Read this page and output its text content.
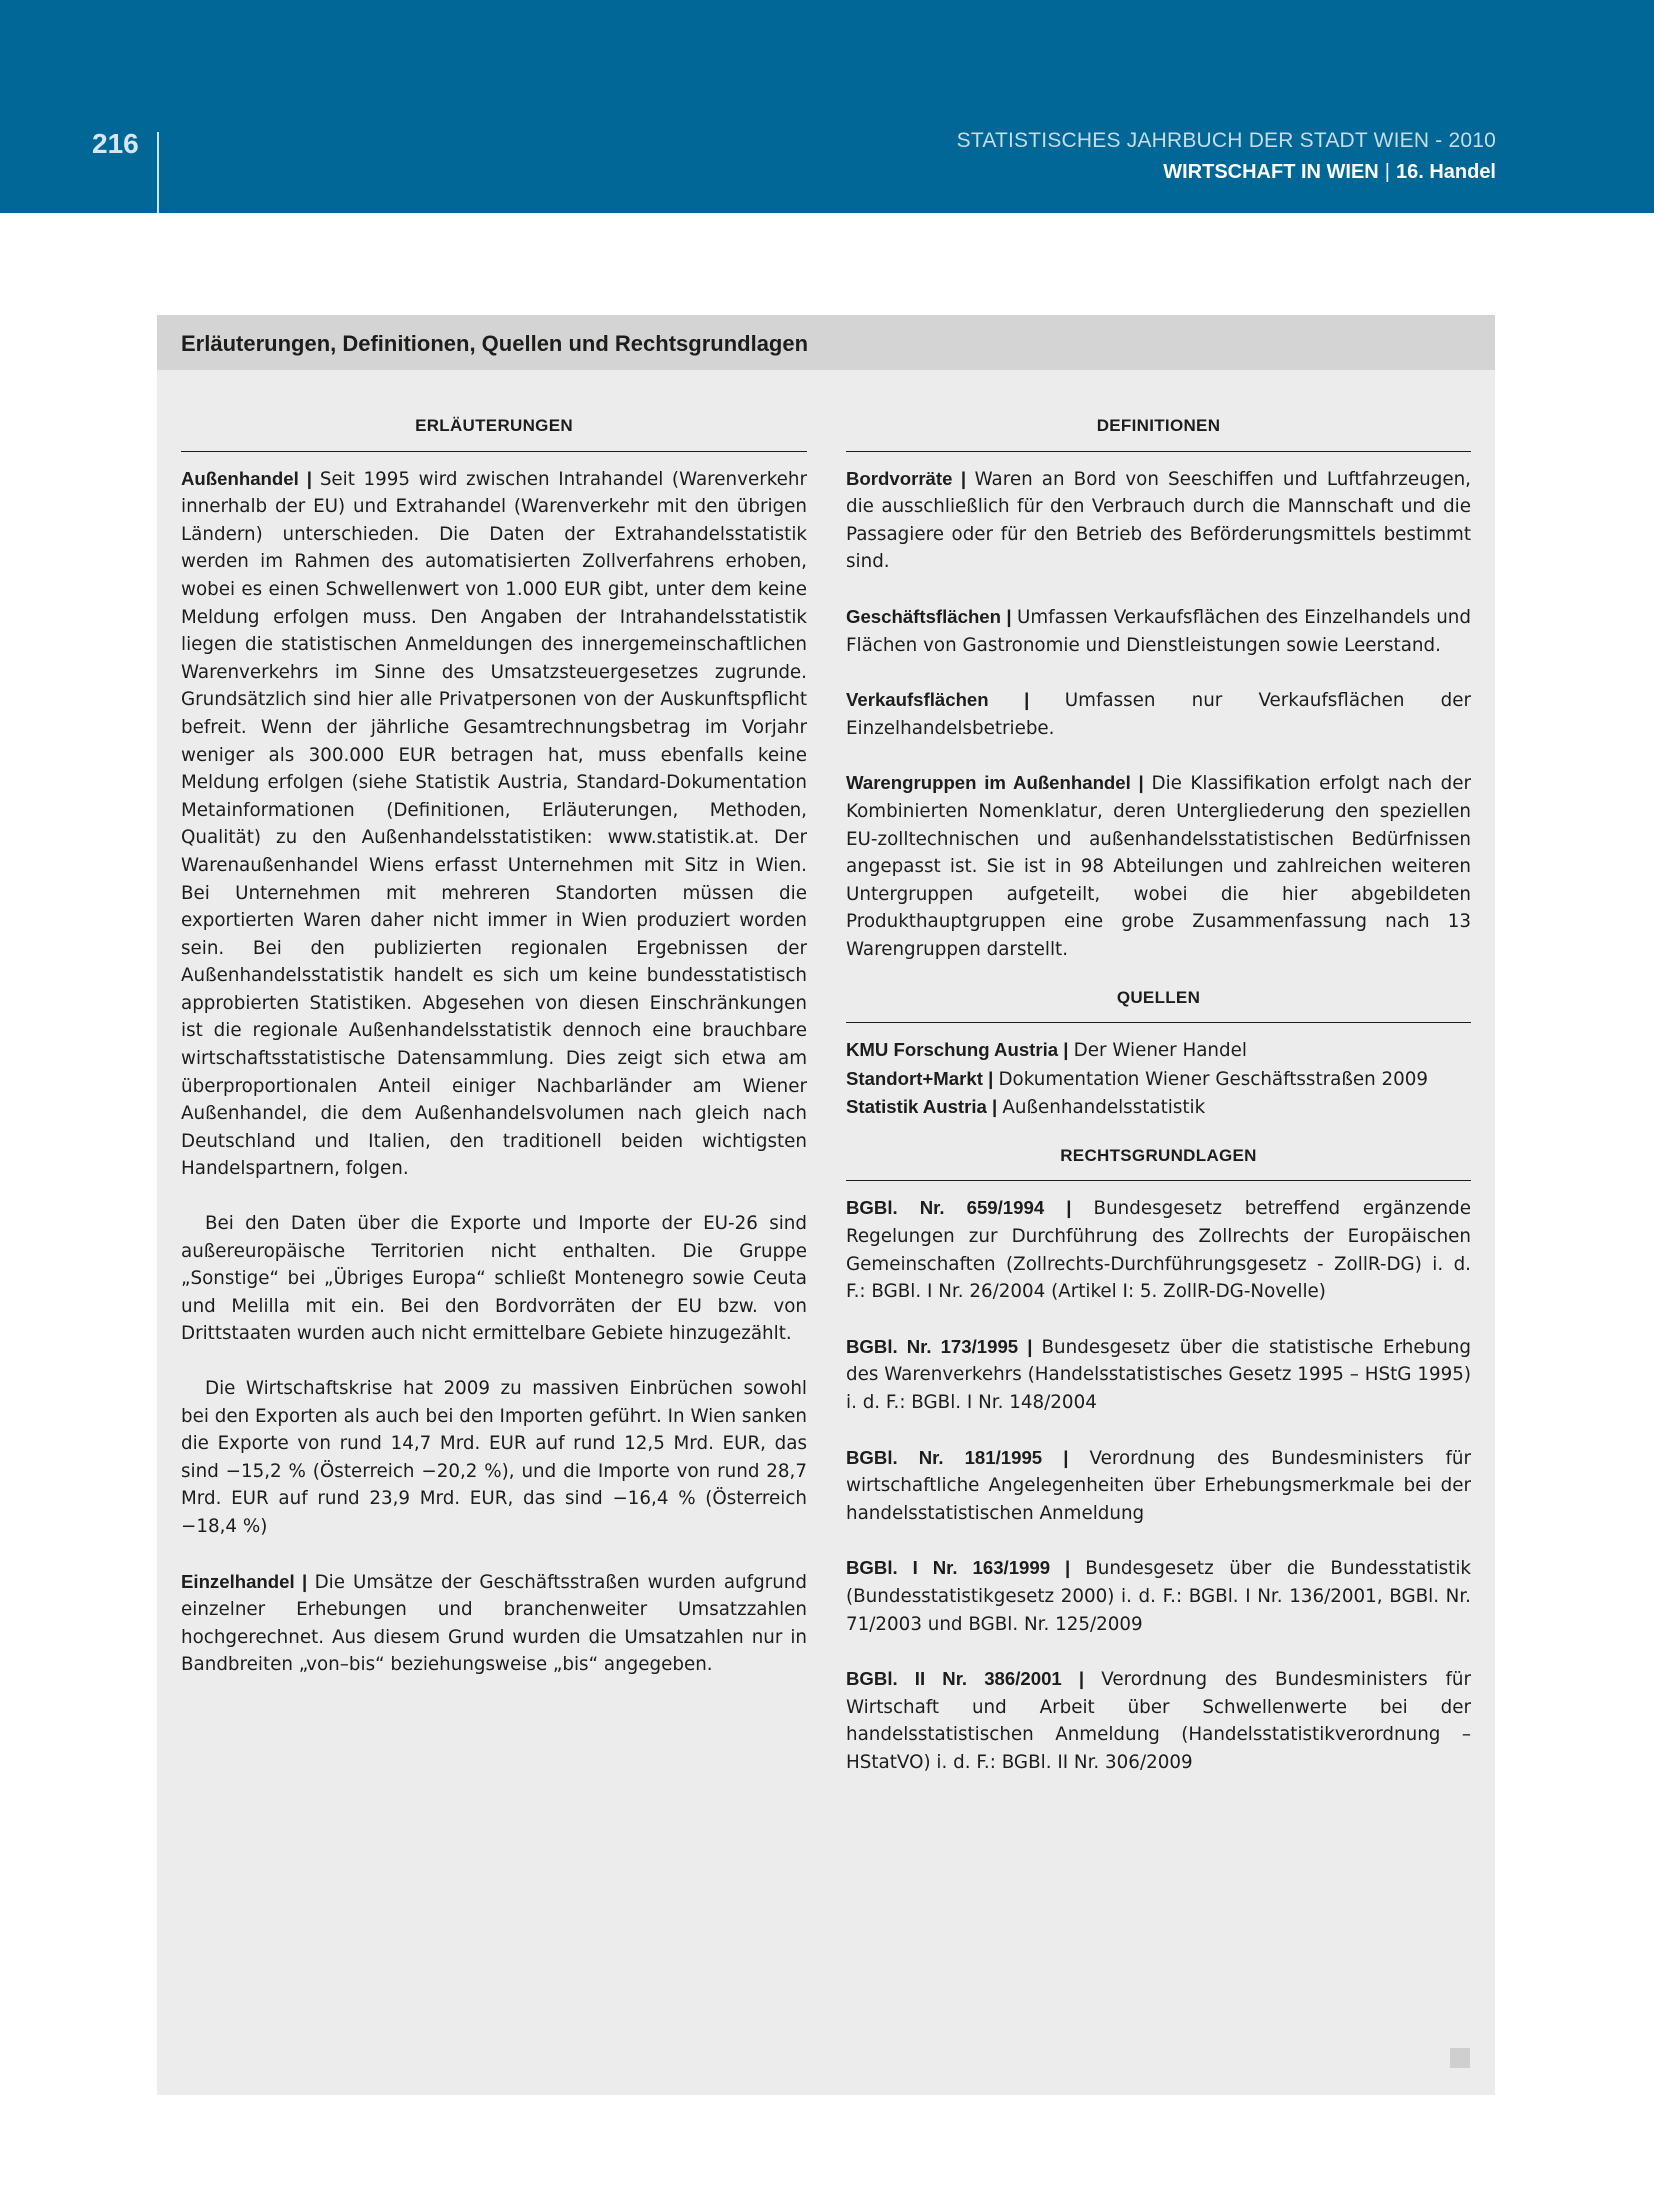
216	STATISTISCHES JAHRBUCH DER STADT WIEN - 2010
WIRTSCHAFT IN WIEN | 16. Handel
Erläuterungen, Definitionen, Quellen und Rechtsgrundlagen
ERLÄUTERUNGEN

Außenhandel | Seit 1995 wird zwischen Intrahandel (Warenverkehr innerhalb der EU) und Extrahandel (Warenverkehr mit den übrigen Ländern) unterschieden. Die Daten der Extrahandelsstatistik werden im Rahmen des automatisierten Zollverfahrens erhoben, wobei es einen Schwellenwert von 1.000 EUR gibt, unter dem keine Meldung erfolgen muss. Den Angaben der Intrahandelsstatistik liegen die statistischen Anmeldungen des innergemeinschaftlichen Warenverkehrs im Sinne des Umsatzsteuergesetzes zugrunde. Grundsätzlich sind hier alle Privatpersonen von der Auskunftspflicht befreit. Wenn der jährliche Gesamtrechnungsbetrag im Vorjahr weniger als 300.000 EUR betragen hat, muss ebenfalls keine Meldung erfolgen (siehe Statistik Austria, Standard-Dokumentation Metainformationen (Definitionen, Erläuterungen, Methoden, Qualität) zu den Außenhandelsstatistiken: www.statistik.at. Der Warenaußenhandel Wiens erfasst Unternehmen mit Sitz in Wien. Bei Unternehmen mit mehreren Standorten müssen die exportierten Waren daher nicht immer in Wien produziert worden sein. Bei den publizierten regionalen Ergebnissen der Außenhandelsstatistik handelt es sich um keine bundesstatistisch approbierten Statistiken. Abgesehen von diesen Einschränkungen ist die regionale Außenhandelsstatistik dennoch eine brauchbare wirtschaftsstatistische Datensammlung. Dies zeigt sich etwa am überproportionalen Anteil einiger Nachbarländer am Wiener Außenhandel, die dem Außenhandelsvolumen nach gleich nach Deutschland und Italien, den traditionell beiden wichtigsten Handelspartnern, folgen.

Bei den Daten über die Exporte und Importe der EU-26 sind außereuropäische Territorien nicht enthalten. Die Gruppe „Sonstige“ bei „Übriges Europa“ schließt Montenegro sowie Ceuta und Melilla mit ein. Bei den Bordvorräten der EU bzw. von Drittstaaten wurden auch nicht ermittelbare Gebiete hinzugezählt.

Die Wirtschaftskrise hat 2009 zu massiven Einbrüchen sowohl bei den Exporten als auch bei den Importen geführt. In Wien sanken die Exporte von rund 14,7 Mrd. EUR auf rund 12,5 Mrd. EUR, das sind −15,2 % (Österreich −20,2 %), und die Importe von rund 28,7 Mrd. EUR auf rund 23,9 Mrd. EUR, das sind −16,4 % (Österreich −18,4 %)

Einzelhandel | Die Umsätze der Geschäftsstraßen wurden aufgrund einzelner Erhebungen und branchenweiter Umsatzzahlen hochgerechnet. Aus diesem Grund wurden die Umsatzahlen nur in Bandbreiten „von–bis“ beziehungsweise „bis“ angegeben.

DEFINITIONEN

Bordvorräte | Waren an Bord von Seeschiffen und Luftfahrzeugen, die ausschließlich für den Verbrauch durch die Mannschaft und die Passagiere oder für den Betrieb des Beförderungsmittels bestimmt sind.

Geschäftsflächen | Umfassen Verkaufsflächen des Einzelhandels und Flächen von Gastronomie und Dienstleistungen sowie Leerstand.

Verkaufsflächen |	Umfassen nur Verkaufsflächen der Einzelhandelsbetriebe.

Warengruppen im Außenhandel | Die Klassifikation erfolgt nach der Kombinierten Nomenklatur, deren Untergliederung den speziellen EU-zolltechnischen und außenhandelsstatistischen Bedürfnissen angepasst ist. Sie ist in 98 Abteilungen und zahlreichen weiteren Untergruppen aufgeteilt, wobei die hier abgebildeten Produkthauptgruppen eine grobe Zusammenfassung nach 13 Warengruppen darstellt.

QUELLEN

KMU Forschung Austria | Der Wiener Handel

Standort+Markt | Dokumentation Wiener Geschäftsstraßen 2009

Statistik Austria | Außenhandelsstatistik

RECHTSGRUNDLAGEN

BGBl. Nr. 659/1994 |	Bundesgesetz betreffend ergänzende Regelungen zur Durchführung des Zollrechts der Europäischen Gemeinschaften (Zollrechts-Durchführungsgesetz - ZollR-DG) i. d. F.: BGBl. I Nr. 26/2004 (Artikel I: 5. ZollR-DG-Novelle)

BGBl. Nr. 173/1995 | Bundesgesetz über die statistische Erhebung des Warenverkehrs (Handelsstatistisches Gesetz 1995 – HStG 1995) i. d. F.: BGBl. I Nr. 148/2004

BGBl. Nr. 181/1995 |	Verordnung des Bundesministers für wirtschaftliche Angelegenheiten über Erhebungsmerkmale bei der handelsstatistischen Anmeldung

BGBl. I Nr. 163/1999 | Bundesgesetz über die Bundesstatistik (Bundesstatistikgesetz 2000) i. d. F.: BGBl. I Nr. 136/2001, BGBl. Nr. 71/2003 und BGBl. Nr. 125/2009

BGBl. II Nr. 386/2001 | Verordnung des Bundesministers für Wirtschaft und Arbeit über Schwellenwerte bei der handelsstatistischen Anmeldung (Handelsstatistikverordnung – HStatVO) i. d. F.: BGBl. II Nr. 306/2009
